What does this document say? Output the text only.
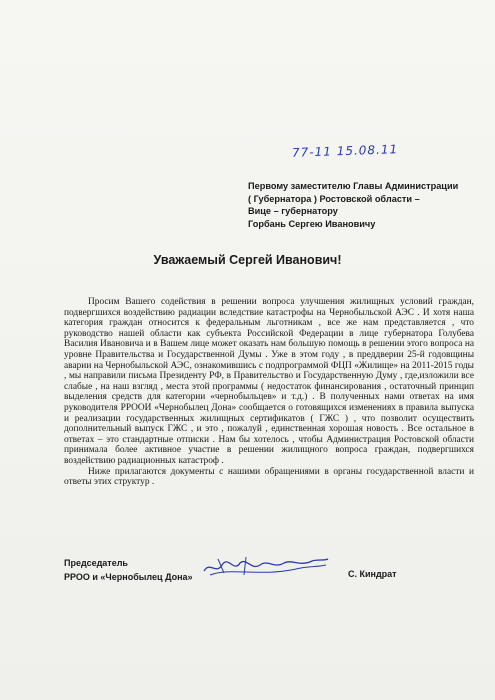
77-11 15.08.11
Первому заместителю Главы Администрации
( Губернатора ) Ростовской области –
Вице – губернатору
Горбань Сергею Ивановичу
Уважаемый Сергей Иванович!

Просим Вашего содействия в решении вопроса улучшения жилищных условий граждан, подвергшихся воздействию радиации вследствие катастрофы на Чернобыльской АЭС . И хотя наша категория граждан относится к федеральным льготникам , все же нам представляется , что руководство нашей области как субъекта Российской Федерации в лице губернатора Голубева Василия Ивановича и в Вашем лице может оказать нам большую помощь в решении этого вопроса на уровне Правительства и Государственной Думы . Уже в этом году , в преддверии 25-й годовщины аварии на Чернобыльской АЭС, ознакомившись с подпрограммой ФЦП «Жилище» на 2011-2015 годы , мы направили письма Президенту РФ, в Правительство и Государственную Думу , где,изложили все слабые , на наш взгляд , места этой программы ( недостаток финансирования , остаточный принцип выделения средств для категории «чернобыльцев» и т.д.) . В полученных нами ответах на имя руководителя РРООИ «Чернобылец Дона» сообщается о готовящихся изменениях в правила выпуска и реализации государственных жилищных сертификатов ( ГЖС ) , что позволит осуществить дополнительный выпуск ГЖС , и это , пожалуй , единственная хорошая новость . Все остальное в ответах – это стандартные отписки . Нам бы хотелось , чтобы Администрация Ростовской области принимала более активное участие в решении жилищного вопроса граждан, подвергшихся воздействию радиационных катастроф .

Ниже прилагаются документы с нашими обращениями в органы государственной власти и ответы этих структур .

Председатель
РРОО и «Чернобылец Дона»	С. Киндрат
